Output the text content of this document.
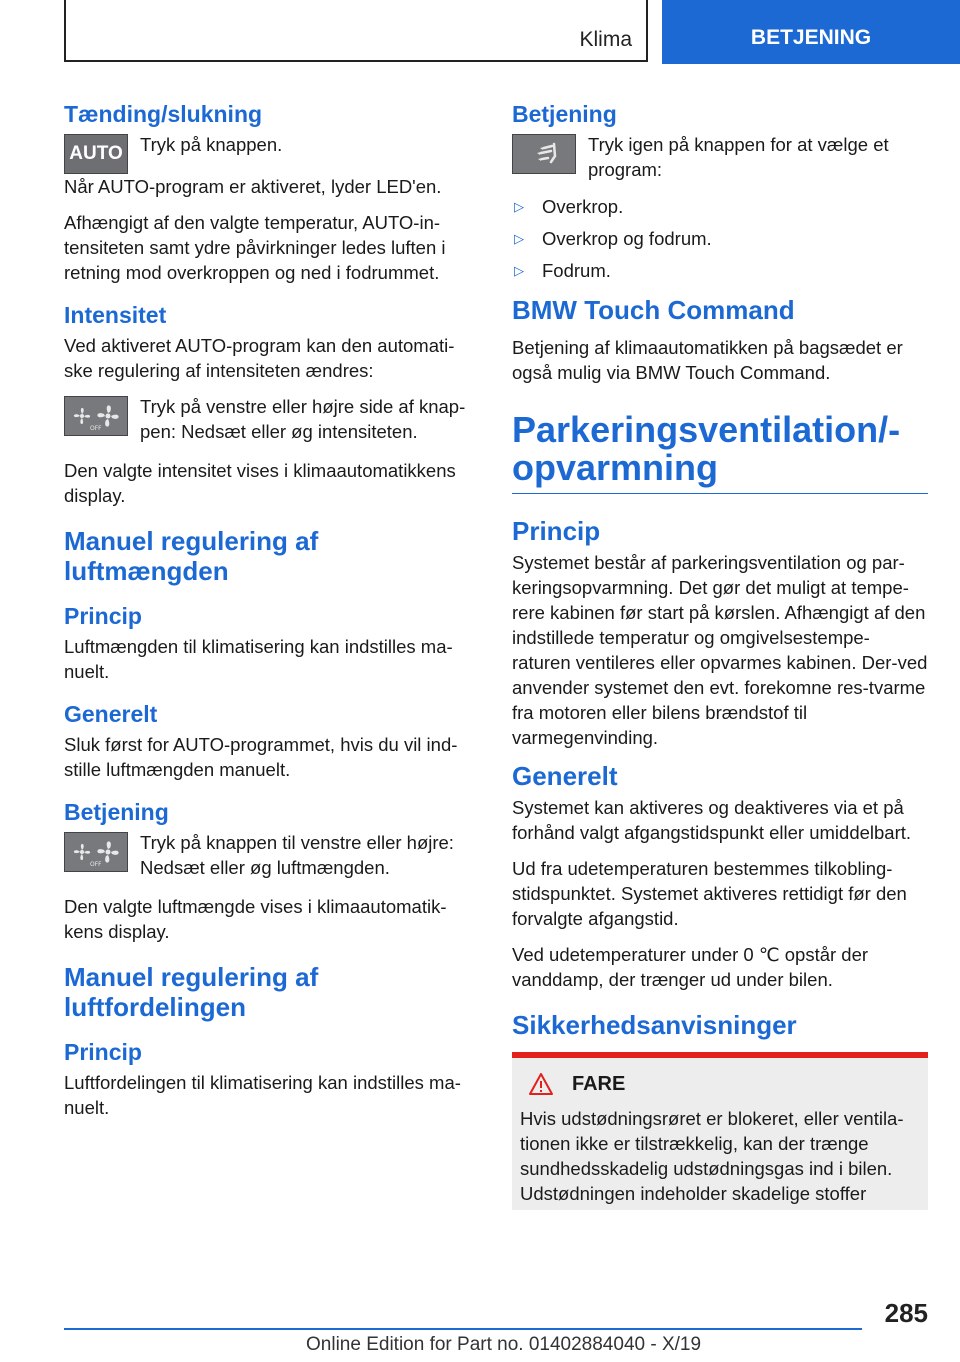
Klima	BETJENING
Tænding/slukning
AUTO Tryk på knappen.

Når AUTO-program er aktiveret, lyder LED'en.

Afhængigt af den valgte temperatur, AUTO-in-tensiteten samt ydre påvirkninger ledes luften i retning mod overkroppen og ned i fodrummet.

Intensitet

Ved aktiveret AUTO-program kan den automati-ske regulering af intensiteten ændres:

OFF

Tryk på venstre eller højre side af knap-pen: Nedsæt eller øg intensiteten.

Den valgte intensitet vises i klimaautomatikkens display.

Manuel regulering af luftmængden
Princip

Luftmængden til klimatisering kan indstilles ma-nuelt.

Generelt

Sluk først for AUTO-programmet, hvis du vil ind-stille luftmængden manuelt.

Betjening
OFF

Tryk på knappen til venstre eller højre: Nedsæt eller øg luftmængden.

Den valgte luftmængde vises i klimaautomatik-kens display.

Manuel regulering af luftfordelingen
Princip

Luftfordelingen til klimatisering kan indstilles ma-nuelt.

Betjening

Tryk igen på knappen for at vælge et program:

▷ Overkrop.
▷ Overkrop og fodrum.
▷ Fodrum.
BMW Touch Command

Betjening af klimaautomatikken på bagsædet er også mulig via BMW Touch Command.

Parkeringsventilation/-opvarmning
Princip

Systemet består af parkeringsventilation og par-keringsopvarmning. Det gør det muligt at tempe-rere kabinen før start på kørslen. Afhængigt af den indstillede temperatur og omgivelsestempe-raturen ventileres eller opvarmes kabinen. Der-ved anvender systemet den evt. forekomne res-tvarme fra motoren eller bilens brændstof til varmegenvinding.

Generelt

Systemet kan aktiveres og deaktiveres via et på forhånd valgt afgangstidspunkt eller umiddelbart.

Ud fra udetemperaturen bestemmes tilkobling-stidspunktet. Systemet aktiveres rettidigt før den forvalgte afgangstid.

Ved udetemperaturer under 0 ℃ opstår der vanddamp, der trænger ud under bilen.

Sikkerhedsanvisninger
FARE

Hvis udstødningsrøret er blokeret, eller ventila-tionen ikke er tilstrækkelig, kan der trænge sundhedsskadelig udstødningsgas ind i bilen. Udstødningen indeholder skadelige stoffer

285
Online Edition for Part no. 01402884040 - X/19
